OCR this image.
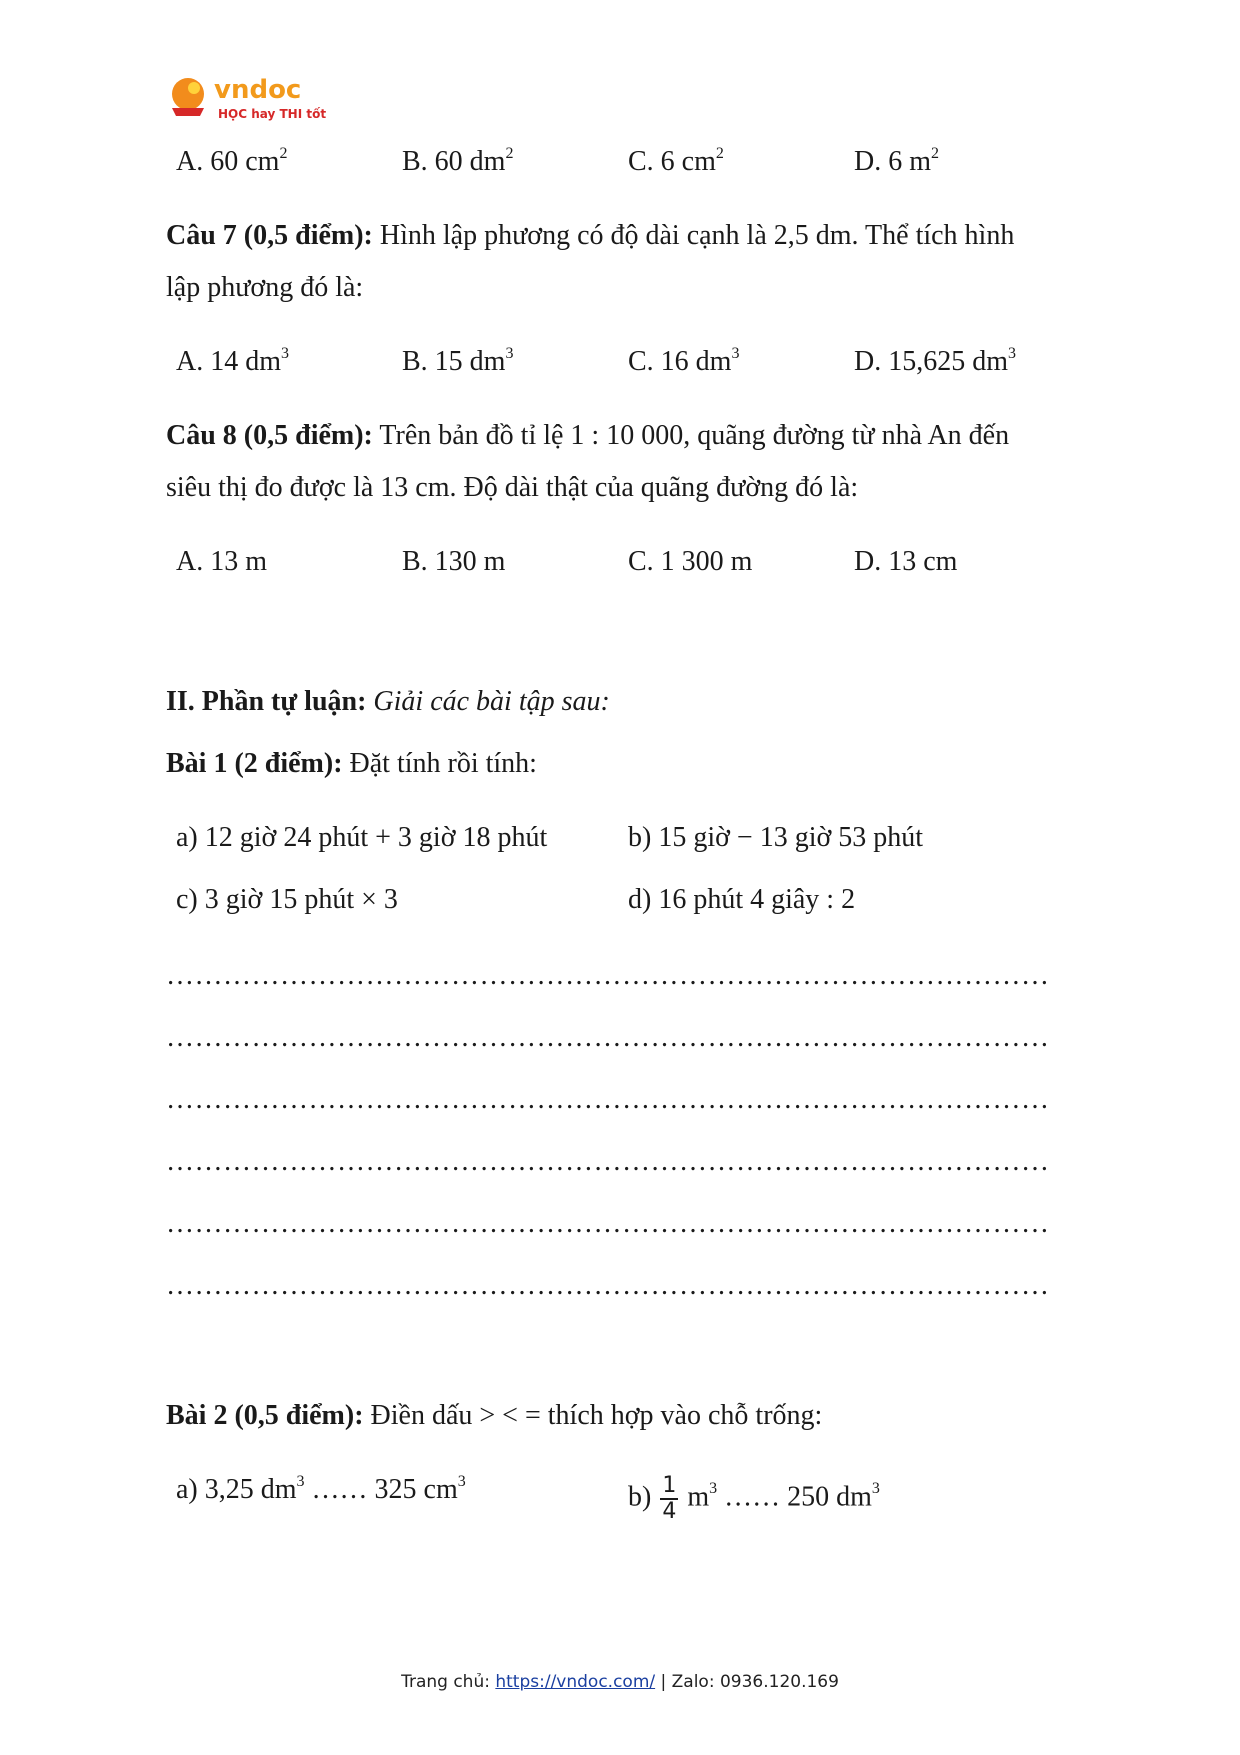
vndoc
HỌC hay THI tốt
A. 60 $cm^2$	B. 60 $dm^2$	C. 6 $cm^2$	D. 6 $m^2$
Câu 7 (0,5 điểm): Hình lập phương có độ dài cạnh là 2,5 dm. Thể tích hình
lập phương đó là:
A. 14 $dm^3$	B. 15 $dm^3$	C. 16 $dm^3$	D. 15,625 $dm^3$
Câu 8 (0,5 điểm): Trên bản đồ tỉ lệ 1 : 10 000, quãng đường từ nhà An đến
siêu thị đo được là 13 cm. Độ dài thật của quãng đường đó là:
A. 13 m	B. 130 m	C. 1 300 m	D. 13 cm
II. Phần tự luận: Giải các bài tập sau:
Bài 1 (2 điểm): Đặt tính rồi tính:
a) 12 giờ 24 phút + 3 giờ 18 phút	b) 15 giờ − 13 giờ 53 phút
c) 3 giờ 15 phút × 3	d) 16 phút 4 giây : 2
…………………………………………………………………………………
…………………………………………………………………………………
…………………………………………………………………………………
…………………………………………………………………………………
…………………………………………………………………………………
…………………………………………………………………………………
Bài 2 (0,5 điểm): Điền dấu > < = thích hợp vào chỗ trống:
a) 3,25 $dm^3$ …… 325 $cm^3$	$b) \frac{1}{4} m^3$ …… 250 $dm^3$
Trang chủ: https://vndoc.com/ | Zalo: 0936.120.169
